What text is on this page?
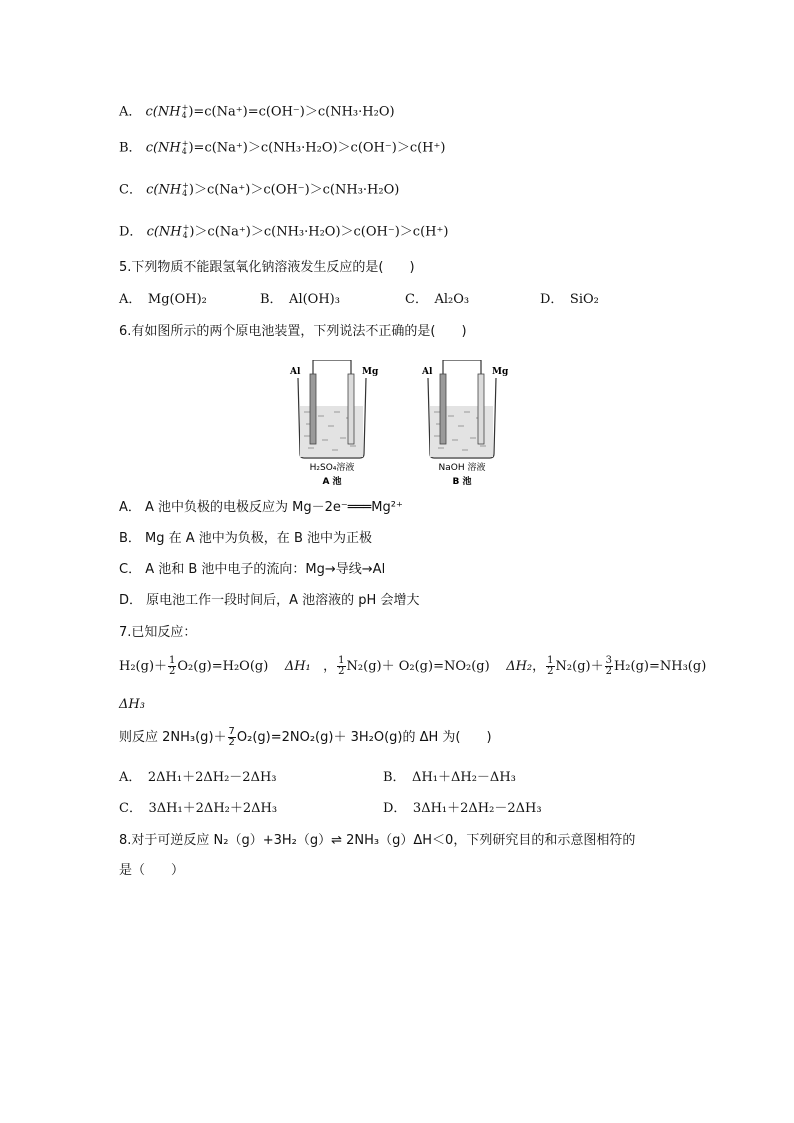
A． c(NH +
4 )=c(Na⁺)=c(OH⁻)＞c(NH₃·H₂O)
B． c(NH +
4 )=c(Na⁺)＞c(NH₃·H₂O)＞c(OH⁻)＞c(H⁺)
C． c(NH +
4 )＞c(Na⁺)＞c(OH⁻)＞c(NH₃·H₂O)
D． c(NH +
4 )＞c(Na⁺)＞c(NH₃·H₂O)＞c(OH⁻)＞c(H⁺)
5.下列物质不能跟氢氧化钠溶液发生反应的是(　　)
A．　Mg(OH)₂	B．　Al(OH)₃	C．　Al₂O₃	D．　SiO₂
6.有如图所示的两个原电池装置，下列说法不正确的是(　　)
Al	Mg
H₂SO₄溶液
A 池
Al	Mg
NaOH 溶液
B 池
A． A 池中负极的电极反应为 Mg－2e⁻═══Mg²⁺
B． Mg 在 A 池中为负极，在 B 池中为正极
C． A 池和 B 池中电子的流向：Mg→导线→Al
D． 原电池工作一段时间后，A 池溶液的 pH 会增大
7.已知反应：
$H_2(g)+ \frac{1}{2} O_2(g)=H_2O(g)$ ΔH₁   ， $\frac{1}{2} N_2(g)+ O_2(g)=NO_2(g)$ ΔH₂， $\frac{1}{2} N_2(g)+ \frac{3}{2} H_2(g)=NH_3(g)$
ΔH₃
则反应 $2NH_3(g)+ \frac{7}{2} O_2(g)=2NO_2(g)+ 3H_2O(g)$的 ΔH 为(　　)
A．　2ΔH₁＋2ΔH₂－2ΔH₃	B．　ΔH₁＋ΔH₂－ΔH₃
C．　3ΔH₁＋2ΔH₂＋2ΔH₃	D．　3ΔH₁＋2ΔH₂－2ΔH₃
8.对于可逆反应 N₂（g）+3H₂（g）⇌ 2NH₃（g）ΔH＜0，下列研究目的和示意图相符的
是（　　）
